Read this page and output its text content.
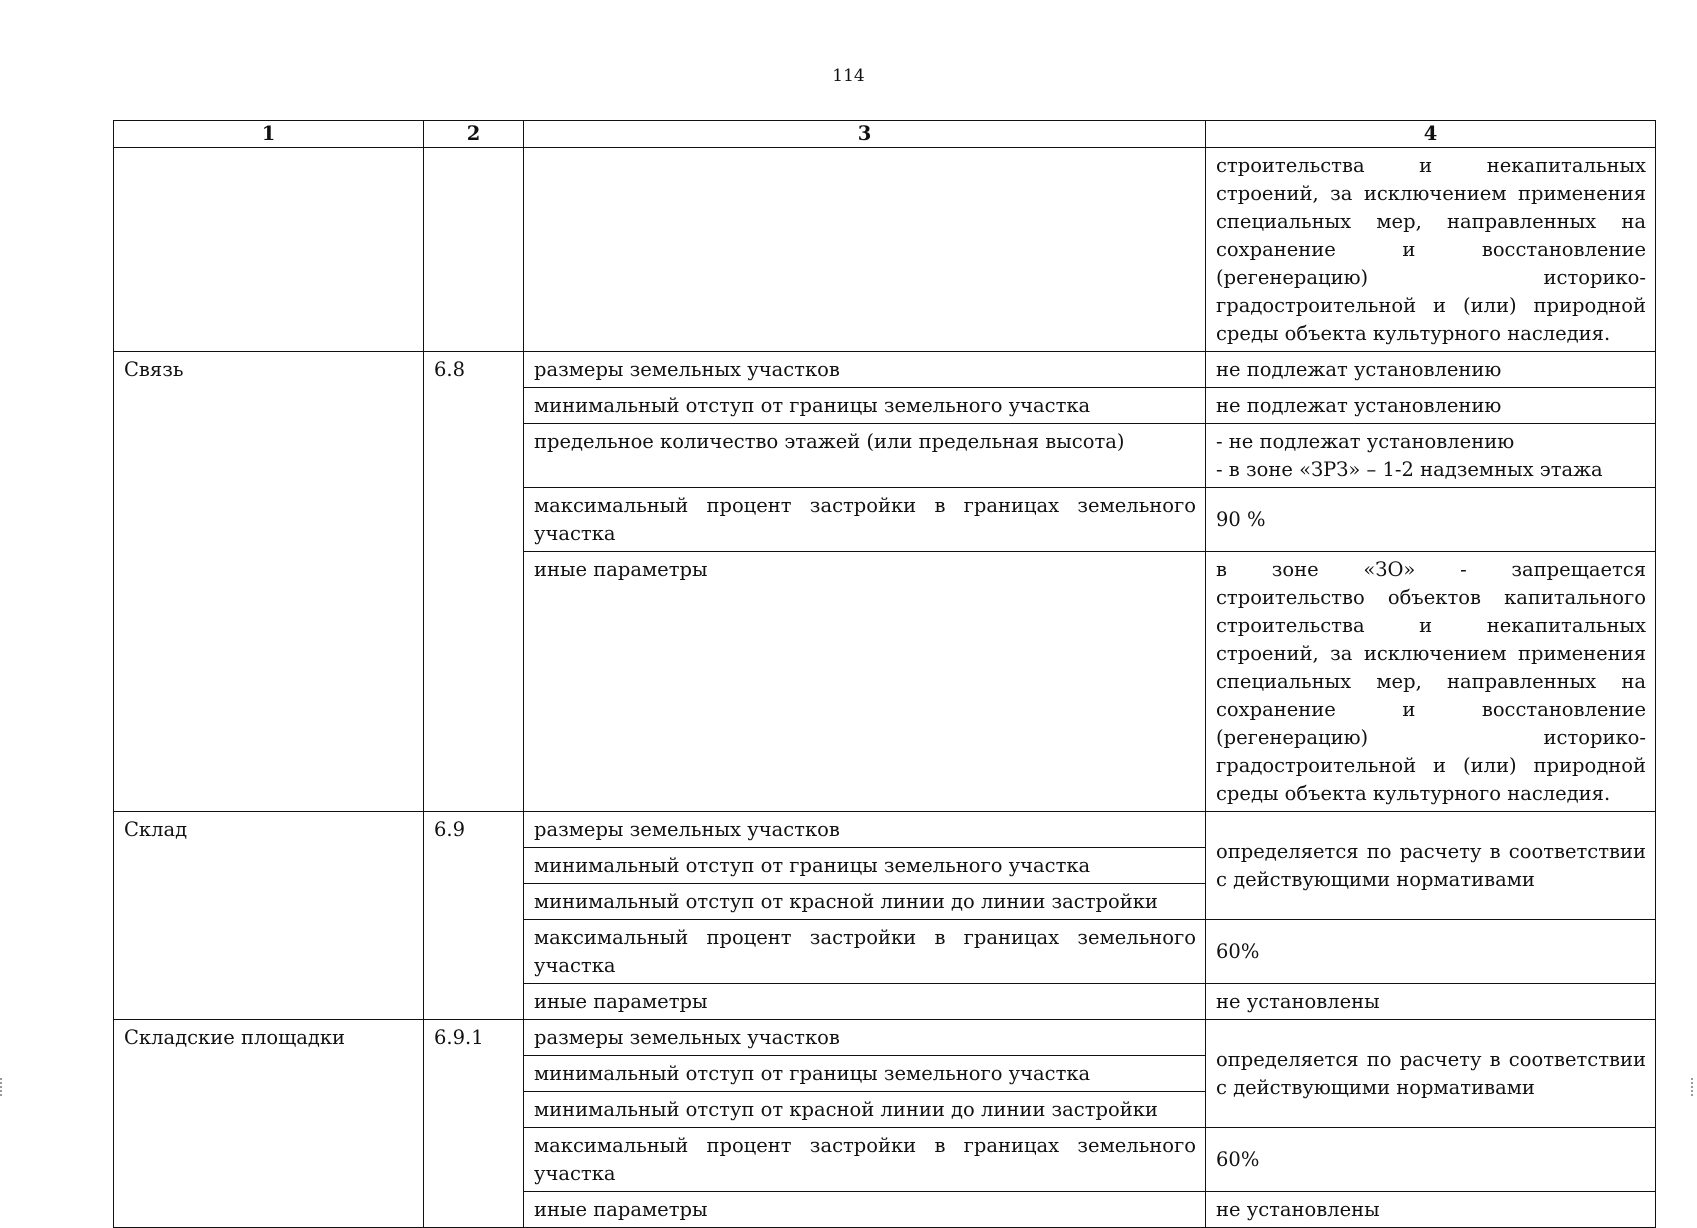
114
1	2	3	4
			строительства и некапитальных строений, за исключением применения специальных мер, направленных на сохранение и восстановление (регенерацию) историко-градостроительной и (или) природной среды объекта культурного наследия.
Связь	6.8	размеры земельных участков	не подлежат установлению
		минимальный отступ от границы земельного участка	не подлежат установлению
		предельное количество этажей (или предельная высота)	- не подлежат установлению
- в зоне «ЗРЗ» – 1-2 надземных этажа

		максимальный процент застройки в границах земельного участка	90 %
		иные параметры	в зоне «ЗО» - запрещается строительство объектов капитального строительства и некапитальных строений, за исключением применения специальных мер, направленных на сохранение и восстановление (регенерацию) историко-градостроительной и (или) природной среды объекта культурного наследия.
Склад	6.9	размеры земельных участков	определяется по расчету в соответствии с действующими нормативами
		минимальный отступ от границы земельного участка	
		минимальный отступ от красной линии до линии застройки	
		максимальный процент застройки в границах земельного участка	60%
		иные параметры	не установлены
Складские площадки	6.9.1	размеры земельных участков	определяется по расчету в соответствии с действующими нормативами
		минимальный отступ от границы земельного участка	
		минимальный отступ от красной линии до линии застройки	
		максимальный процент застройки в границах земельного участка	60%
		иные параметры	не установлены
